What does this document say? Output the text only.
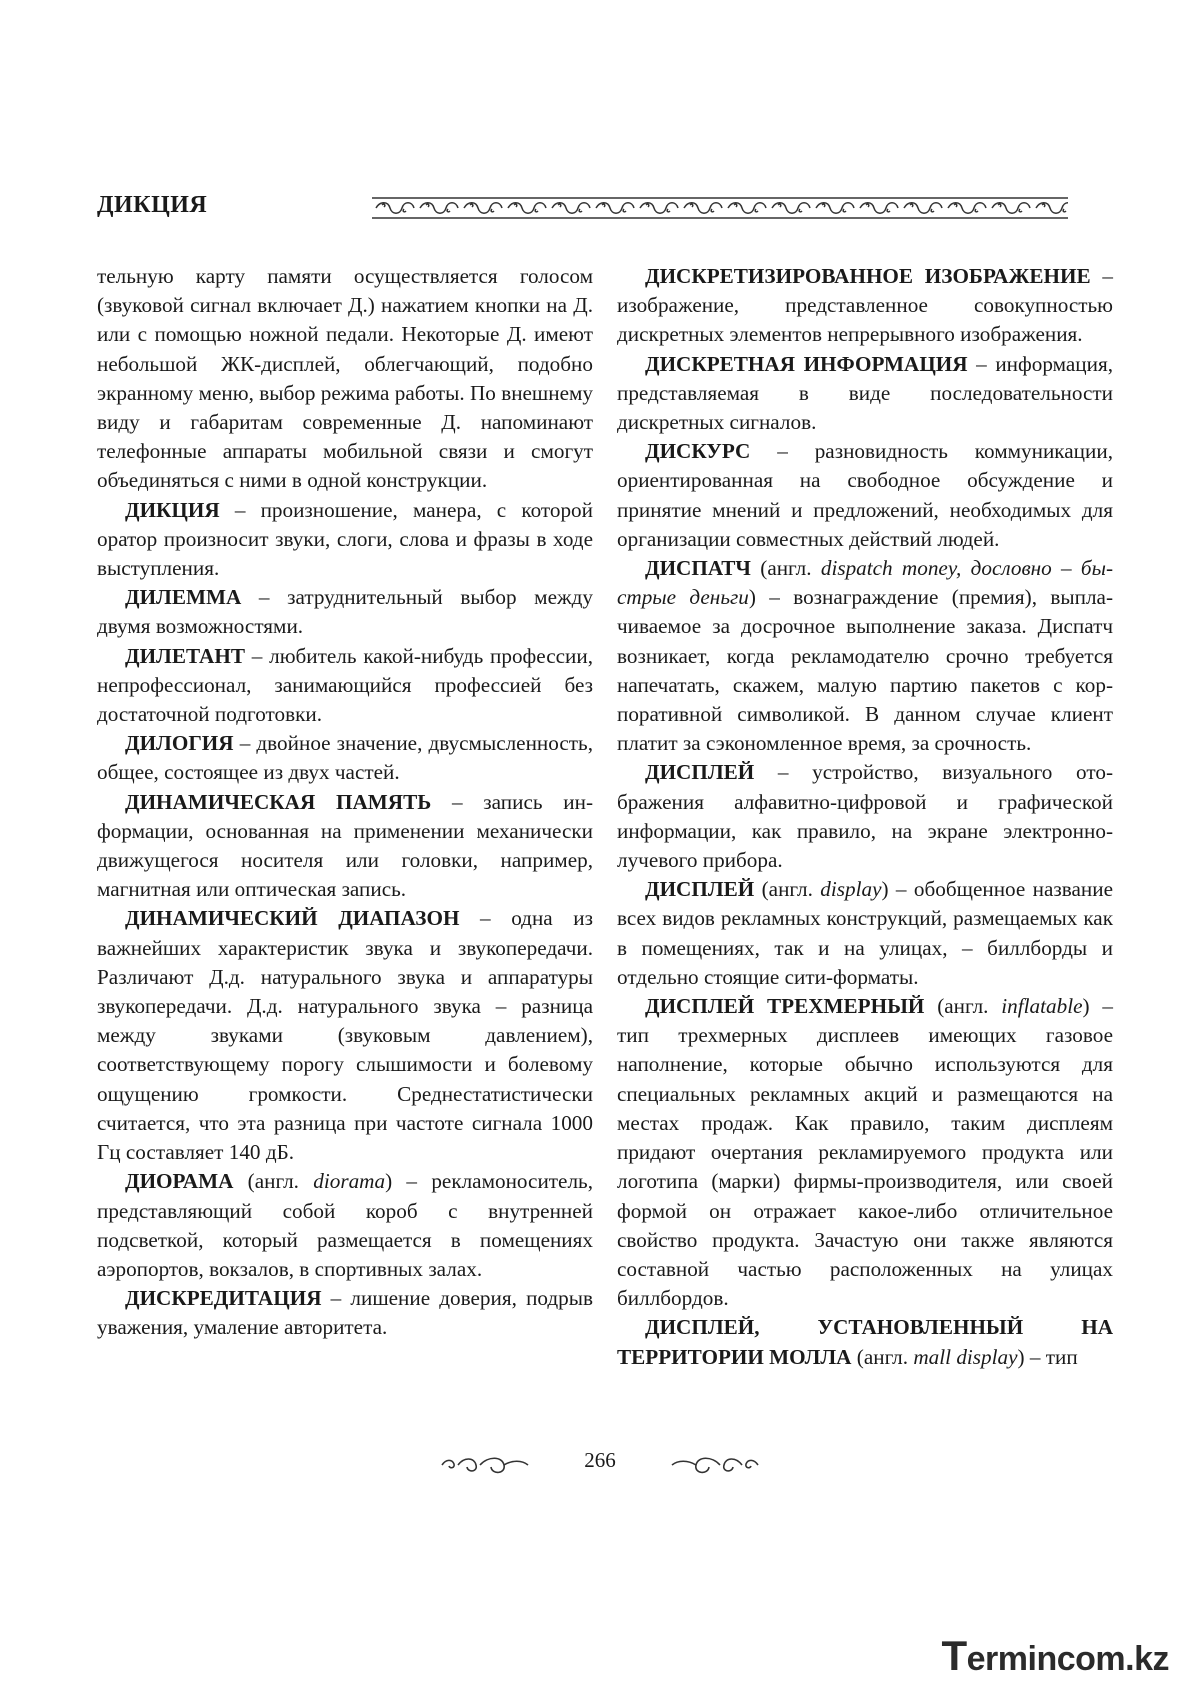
ДИКЦИЯ

тельную карту памяти осуществляется голосом (звуковой сигнал включает Д.) нажатием кнопки на Д. или с помощью ножной педали. Некоторые Д. имеют небольшой ЖК-дисплей, облегчающий, подобно экранному меню, выбор режима работы. По внешнему виду и габаритам современные Д. напоминают телефонные аппараты мобильной связи и смогут объединяться с ними в одной конструкции.

ДИКЦИЯ – произношение, манера, с которой оратор произносит звуки, слоги, слова и фразы в ходе выступления.

ДИЛЕММА – затруднительный выбор между двумя возможностями.

ДИЛЕТАНТ – любитель какой-нибудь профессии, непрофессионал, занимающийся профессией без достаточной подготовки.

ДИЛОГИЯ – двойное значение, двусмысленность, общее, состоящее из двух частей.

ДИНАМИЧЕСКАЯ ПАМЯТЬ – запись информации, основанная на применении механически движущегося носителя или головки, например, магнитная или оптическая запись.

ДИНАМИЧЕСКИЙ ДИАПАЗОН – одна из важнейших характеристик звука и звукопередачи. Различают Д.д. натурального звука и аппаратуры звукопередачи. Д.д. натурального звука – разница между звуками (звуковым давлением), соответствующему порогу слышимости и болевому ощущению громкости. Среднестатистически считается, что эта разница при частоте сигнала 1000 Гц составляет 140 дБ.

ДИОРАМА (англ. diorama) – рекламоноситель, представляющий собой короб с внутренней подсветкой, который размещается в помещениях аэропортов, вокзалов, в спортивных залах.

ДИСКРЕДИТАЦИЯ – лишение доверия, подрыв уважения, умаление авторитета.

ДИСКРЕТИЗИРОВАННОЕ ИЗОБРАЖЕНИЕ – изображение, представленное совокупностью дискретных элементов непрерывного изображения.

ДИСКРЕТНАЯ ИНФОРМАЦИЯ – информация, представляемая в виде последовательности дискретных сигналов.

ДИСКУРС – разновидность коммуникации, ориентированная на свободное обсуждение и принятие мнений и предложений, необходимых для организации совместных действий людей.

ДИСПАТЧ (англ. dispatch money, дословно – быстрые деньги) – вознаграждение (премия), выплачиваемое за досрочное выполнение заказа. Диспатч возникает, когда рекламодателю срочно требуется напечатать, скажем, малую партию пакетов с корпоративной символикой. В данном случае клиент платит за сэкономленное время, за срочность.

ДИСПЛЕЙ – устройство, визуального отображения алфавитно-цифровой и графической информации, как правило, на экране электроннолучевого прибора.

ДИСПЛЕЙ (англ. display) – обобщенное название всех видов рекламных конструкций, размещаемых как в помещениях, так и на улицах, – биллборды и отдельно стоящие сити-форматы.

ДИСПЛЕЙ ТРЕХМЕРНЫЙ (англ. inflatable) – тип трехмерных дисплеев имеющих газовое наполнение, которые обычно используются для специальных рекламных акций и размещаются на местах продаж. Как правило, таким дисплеям придают очертания рекламируемого продукта или логотипа (марки) фирмы-производителя, или своей формой он отражает какое-либо отличительное свойство продукта. Зачастую они также являются составной частью расположенных на улицах биллбордов.

ДИСПЛЕЙ, УСТАНОВЛЕННЫЙ НА ТЕРРИТОРИИ МОЛЛА (англ. mall display) – тип

266
Termincom.kz
